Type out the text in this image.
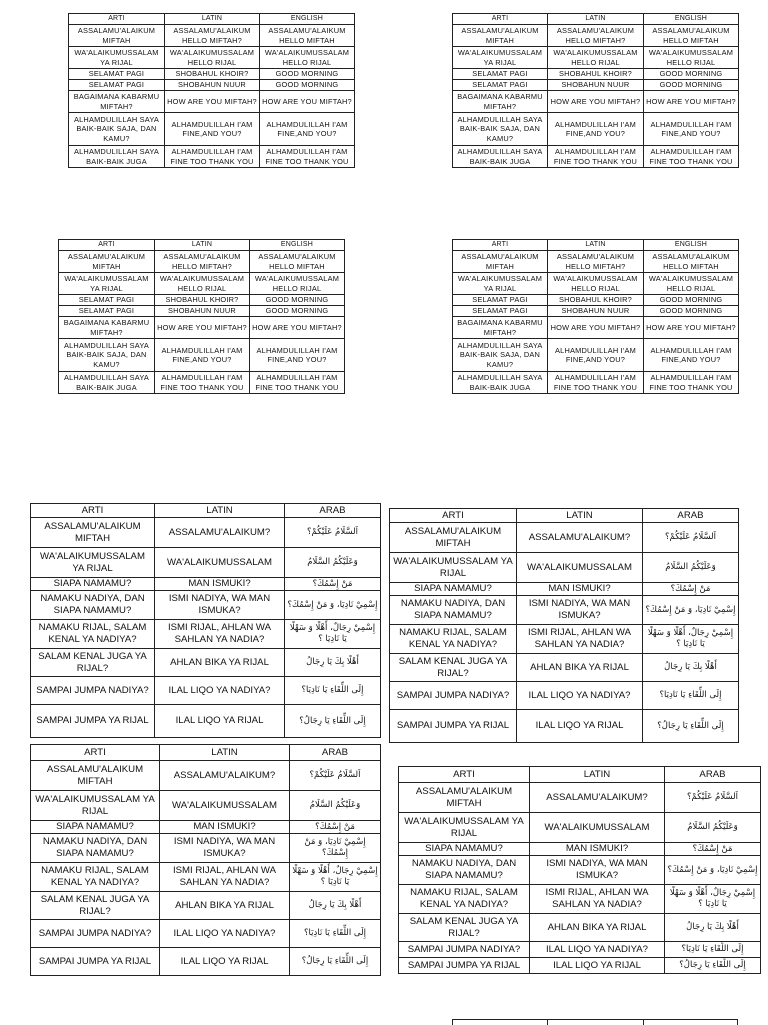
ARTI	LATIN	ENGLISH
ASSALAMU'ALAIKUM MIFTAH	ASSALAMU'ALAIKUM HELLO MIFTAH?	ASSALAMU'ALAIKUM HELLO MIFTAH
WA'ALAIKUMUSSALAM YA RIJAL	WA'ALAIKUMUSSALAM HELLO RIJAL	WA'ALAIKUMUSSALAM HELLO RIJAL
SELAMAT PAGI	SHOBAHUL KHOIR?	GOOD MORNING
SELAMAT PAGI	SHOBAHUN NUUR	GOOD MORNING
BAGAIMANA KABARMU MIFTAH?	HOW ARE YOU MIFTAH?	HOW ARE YOU MIFTAH?
ALHAMDULILLAH SAYA BAIK-BAIK SAJA, DAN KAMU?	ALHAMDULILLAH I'AM FINE,AND YOU?	ALHAMDULILLAH I'AM FINE,AND YOU?
ALHAMDULILLAH SAYA BAIK-BAIK JUGA	ALHAMDULILLAH I'AM FINE TOO THANK YOU	ALHAMDULILLAH I'AM FINE TOO THANK YOU
ARTI	LATIN	ENGLISH
ASSALAMU'ALAIKUM MIFTAH	ASSALAMU'ALAIKUM HELLO MIFTAH?	ASSALAMU'ALAIKUM HELLO MIFTAH
WA'ALAIKUMUSSALAM YA RIJAL	WA'ALAIKUMUSSALAM HELLO RIJAL	WA'ALAIKUMUSSALAM HELLO RIJAL
SELAMAT PAGI	SHOBAHUL KHOIR?	GOOD MORNING
SELAMAT PAGI	SHOBAHUN NUUR	GOOD MORNING
BAGAIMANA KABARMU MIFTAH?	HOW ARE YOU MIFTAH?	HOW ARE YOU MIFTAH?
ALHAMDULILLAH SAYA BAIK-BAIK SAJA, DAN KAMU?	ALHAMDULILLAH I'AM FINE,AND YOU?	ALHAMDULILLAH I'AM FINE,AND YOU?
ALHAMDULILLAH SAYA BAIK-BAIK JUGA	ALHAMDULILLAH I'AM FINE TOO THANK YOU	ALHAMDULILLAH I'AM FINE TOO THANK YOU
ARTI	LATIN	ENGLISH
ASSALAMU'ALAIKUM MIFTAH	ASSALAMU'ALAIKUM HELLO MIFTAH?	ASSALAMU'ALAIKUM HELLO MIFTAH
WA'ALAIKUMUSSALAM YA RIJAL	WA'ALAIKUMUSSALAM HELLO RIJAL	WA'ALAIKUMUSSALAM HELLO RIJAL
SELAMAT PAGI	SHOBAHUL KHOIR?	GOOD MORNING
SELAMAT PAGI	SHOBAHUN NUUR	GOOD MORNING
BAGAIMANA KABARMU MIFTAH?	HOW ARE YOU MIFTAH?	HOW ARE YOU MIFTAH?
ALHAMDULILLAH SAYA BAIK-BAIK SAJA, DAN KAMU?	ALHAMDULILLAH I'AM FINE,AND YOU?	ALHAMDULILLAH I'AM FINE,AND YOU?
ALHAMDULILLAH SAYA BAIK-BAIK JUGA	ALHAMDULILLAH I'AM FINE TOO THANK YOU	ALHAMDULILLAH I'AM FINE TOO THANK YOU
ARTI	LATIN	ENGLISH
ASSALAMU'ALAIKUM MIFTAH	ASSALAMU'ALAIKUM HELLO MIFTAH?	ASSALAMU'ALAIKUM HELLO MIFTAH
WA'ALAIKUMUSSALAM YA RIJAL	WA'ALAIKUMUSSALAM HELLO RIJAL	WA'ALAIKUMUSSALAM HELLO RIJAL
SELAMAT PAGI	SHOBAHUL KHOIR?	GOOD MORNING
SELAMAT PAGI	SHOBAHUN NUUR	GOOD MORNING
BAGAIMANA KABARMU MIFTAH?	HOW ARE YOU MIFTAH?	HOW ARE YOU MIFTAH?
ALHAMDULILLAH SAYA BAIK-BAIK SAJA, DAN KAMU?	ALHAMDULILLAH I'AM FINE,AND YOU?	ALHAMDULILLAH I'AM FINE,AND YOU?
ALHAMDULILLAH SAYA BAIK-BAIK JUGA	ALHAMDULILLAH I'AM FINE TOO THANK YOU	ALHAMDULILLAH I'AM FINE TOO THANK YOU
ARTI	LATIN	ARAB
ASSALAMU'ALAIKUM MIFTAH	ASSALAMU'ALAIKUM?	اَلسَّلَامُ عَلَيْكُمْ؟
WA'ALAIKUMUSSALAM YA RIJAL	WA'ALAIKUMUSSALAM	وَعَلَيْكُمُ السَّلَامُ
SIAPA NAMAMU?	MAN ISMUKI?	مَنْ إِسْمُكَ؟
NAMAKU NADIYA, DAN SIAPA NAMAMU?	ISMI NADIYA, WA MAN ISMUKA?	إِسْمِيْ نَادِيَا، وَ مَنْ إِسْمُكَ؟
NAMAKU RIJAL, SALAM KENAL YA NADIYA?	ISMI RIJAL, AHLAN WA SAHLAN YA NADIA?	إِسْمِيْ رِجَالٌ، أَهْلًا وَ سَهْلًا يَا نَادِيَا ؟
SALAM KENAL JUGA YA RIJAL?	AHLAN BIKA YA RIJAL	أَهْلًا بِكَ يَا رِجَالُ
SAMPAI JUMPA NADIYA?	ILAL LIQO YA NADIYA?	إِلَى اللِّقَاءِ يَا نَادِيَا؟
SAMPAI JUMPA YA RIJAL	ILAL LIQO YA RIJAL	إِلَى اللِّقَاءِ يَا رِجَالُ؟
ARTI	LATIN	ARAB
ASSALAMU'ALAIKUM MIFTAH	ASSALAMU'ALAIKUM?	اَلسَّلَامُ عَلَيْكُمْ؟
WA'ALAIKUMUSSALAM YA RIJAL	WA'ALAIKUMUSSALAM	وَعَلَيْكُمُ السَّلَامُ
SIAPA NAMAMU?	MAN ISMUKI?	مَنْ إِسْمُكَ؟
NAMAKU NADIYA, DAN SIAPA NAMAMU?	ISMI NADIYA, WA MAN ISMUKA?	إِسْمِيْ نَادِيَا، وَ مَنْ إِسْمُكَ؟
NAMAKU RIJAL, SALAM KENAL YA NADIYA?	ISMI RIJAL, AHLAN WA SAHLAN YA NADIA?	إِسْمِيْ رِجَالٌ، أَهْلًا وَ سَهْلًا يَا نَادِيَا ؟
SALAM KENAL JUGA YA RIJAL?	AHLAN BIKA YA RIJAL	أَهْلًا بِكَ يَا رِجَالُ
SAMPAI JUMPA NADIYA?	ILAL LIQO YA NADIYA?	إِلَى اللِّقَاءِ يَا نَادِيَا؟
SAMPAI JUMPA YA RIJAL	ILAL LIQO YA RIJAL	إِلَى اللِّقَاءِ يَا رِجَالُ؟
ARTI	LATIN	ARAB
ASSALAMU'ALAIKUM MIFTAH	ASSALAMU'ALAIKUM?	اَلسَّلَامُ عَلَيْكُمْ؟
WA'ALAIKUMUSSALAM YA RIJAL	WA'ALAIKUMUSSALAM	وَعَلَيْكُمُ السَّلَامُ
SIAPA NAMAMU?	MAN ISMUKI?	مَنْ إِسْمُكَ؟
NAMAKU NADIYA, DAN SIAPA NAMAMU?	ISMI NADIYA, WA MAN ISMUKA?	إِسْمِيْ نَادِيَا، وَ مَنْ إِسْمُكَ؟
NAMAKU RIJAL, SALAM KENAL YA NADIYA?	ISMI RIJAL, AHLAN WA SAHLAN YA NADIA?	إِسْمِيْ رِجَالٌ، أَهْلًا وَ سَهْلًا يَا نَادِيَا ؟
SALAM KENAL JUGA YA RIJAL?	AHLAN BIKA YA RIJAL	أَهْلًا بِكَ يَا رِجَالُ
SAMPAI JUMPA NADIYA?	ILAL LIQO YA NADIYA?	إِلَى اللِّقَاءِ يَا نَادِيَا؟
SAMPAI JUMPA YA RIJAL	ILAL LIQO YA RIJAL	إِلَى اللِّقَاءِ يَا رِجَالُ؟
ARTI	LATIN	ARAB
ASSALAMU'ALAIKUM MIFTAH	ASSALAMU'ALAIKUM?	اَلسَّلَامُ عَلَيْكُمْ؟
WA'ALAIKUMUSSALAM YA RIJAL	WA'ALAIKUMUSSALAM	وَعَلَيْكُمُ السَّلَامُ
SIAPA NAMAMU?	MAN ISMUKI?	مَنْ إِسْمُكَ؟
NAMAKU NADIYA, DAN SIAPA NAMAMU?	ISMI NADIYA, WA MAN ISMUKA?	إِسْمِيْ نَادِيَا، وَ مَنْ إِسْمُكَ؟
NAMAKU RIJAL, SALAM KENAL YA NADIYA?	ISMI RIJAL, AHLAN WA SAHLAN YA NADIA?	إِسْمِيْ رِجَالٌ، أَهْلًا وَ سَهْلًا يَا نَادِيَا ؟
SALAM KENAL JUGA YA RIJAL?	AHLAN BIKA YA RIJAL	أَهْلًا بِكَ يَا رِجَالُ
SAMPAI JUMPA NADIYA?	ILAL LIQO YA NADIYA?	إِلَى اللِّقَاءِ يَا نَادِيَا؟
SAMPAI JUMPA YA RIJAL	ILAL LIQO YA RIJAL	إِلَى اللِّقَاءِ يَا رِجَالُ؟
